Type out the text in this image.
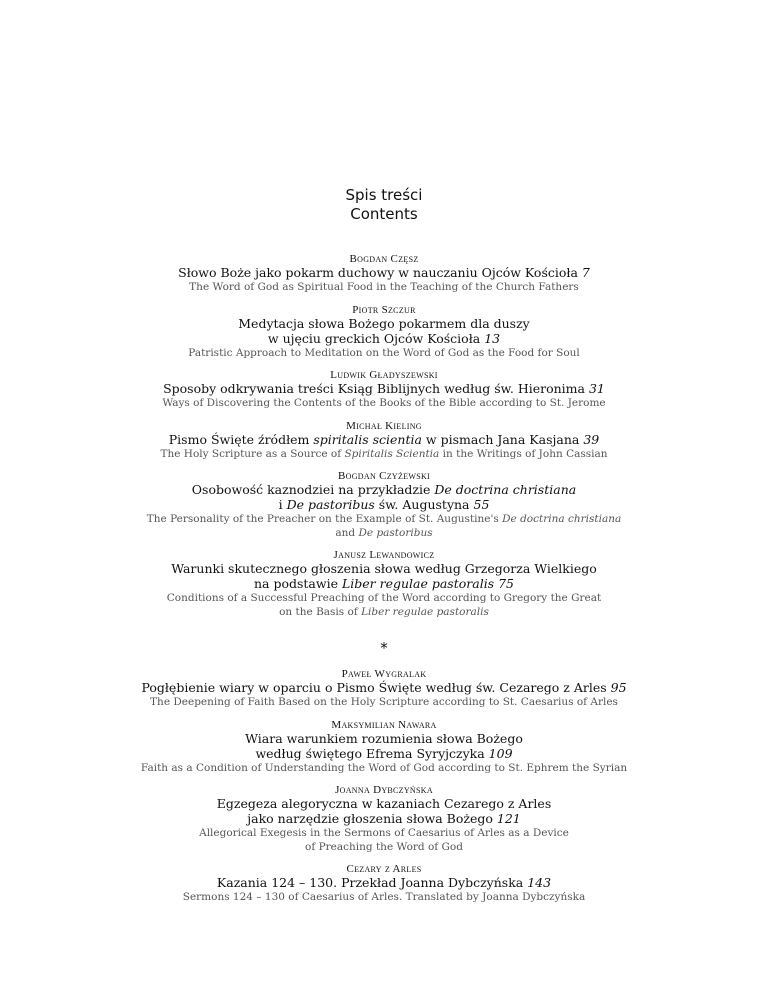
Spis treści
Contents
Bogdan Częsz
Słowo Boże jako pokarm duchowy w nauczaniu Ojców Kościoła 7
The Word of God as Spiritual Food in the Teaching of the Church Fathers
Piotr Szczur
Medytacja słowa Bożego pokarmem dla duszy
w ujęciu greckich Ojców Kościoła 13
Patristic Approach to Meditation on the Word of God as the Food for Soul
Ludwik Gładyszewski
Sposoby odkrywania treści Ksiąg Biblijnych według św. Hieronima 31
Ways of Discovering the Contents of the Books of the Bible according to St. Jerome
Michał Kieling
Pismo Święte źródłem spiritalis scientia w pismach Jana Kasjana 39
The Holy Scripture as a Source of Spiritalis Scientia in the Writings of John Cassian
Bogdan Czyżewski
Osobowość kaznodziei na przykładzie De doctrina christiana
i De pastoribus św. Augustyna 55
The Personality of the Preacher on the Example of St. Augustine's De doctrina christiana
and De pastoribus
Janusz Lewandowicz
Warunki skutecznego głoszenia słowa według Grzegorza Wielkiego
na podstawie Liber regulae pastoralis 75
Conditions of a Successful Preaching of the Word according to Gregory the Great
on the Basis of Liber regulae pastoralis
*
Paweł Wygralak
Pogłębienie wiary w oparciu o Pismo Święte według św. Cezarego z Arles 95
The Deepening of Faith Based on the Holy Scripture according to St. Caesarius of Arles
Maksymilian Nawara
Wiara warunkiem rozumienia słowa Bożego
według świętego Efrema Syryjczyka 109
Faith as a Condition of Understanding the Word of God according to St. Ephrem the Syrian
Joanna Dybczyńska
Egzegeza alegoryczna w kazaniach Cezarego z Arles
jako narzędzie głoszenia słowa Bożego 121
Allegorical Exegesis in the Sermons of Caesarius of Arles as a Device
of Preaching the Word of God
Cezary z Arles
Kazania 124 – 130. Przekład Joanna Dybczyńska 143
Sermons 124 – 130 of Caesarius of Arles. Translated by Joanna Dybczyńska
